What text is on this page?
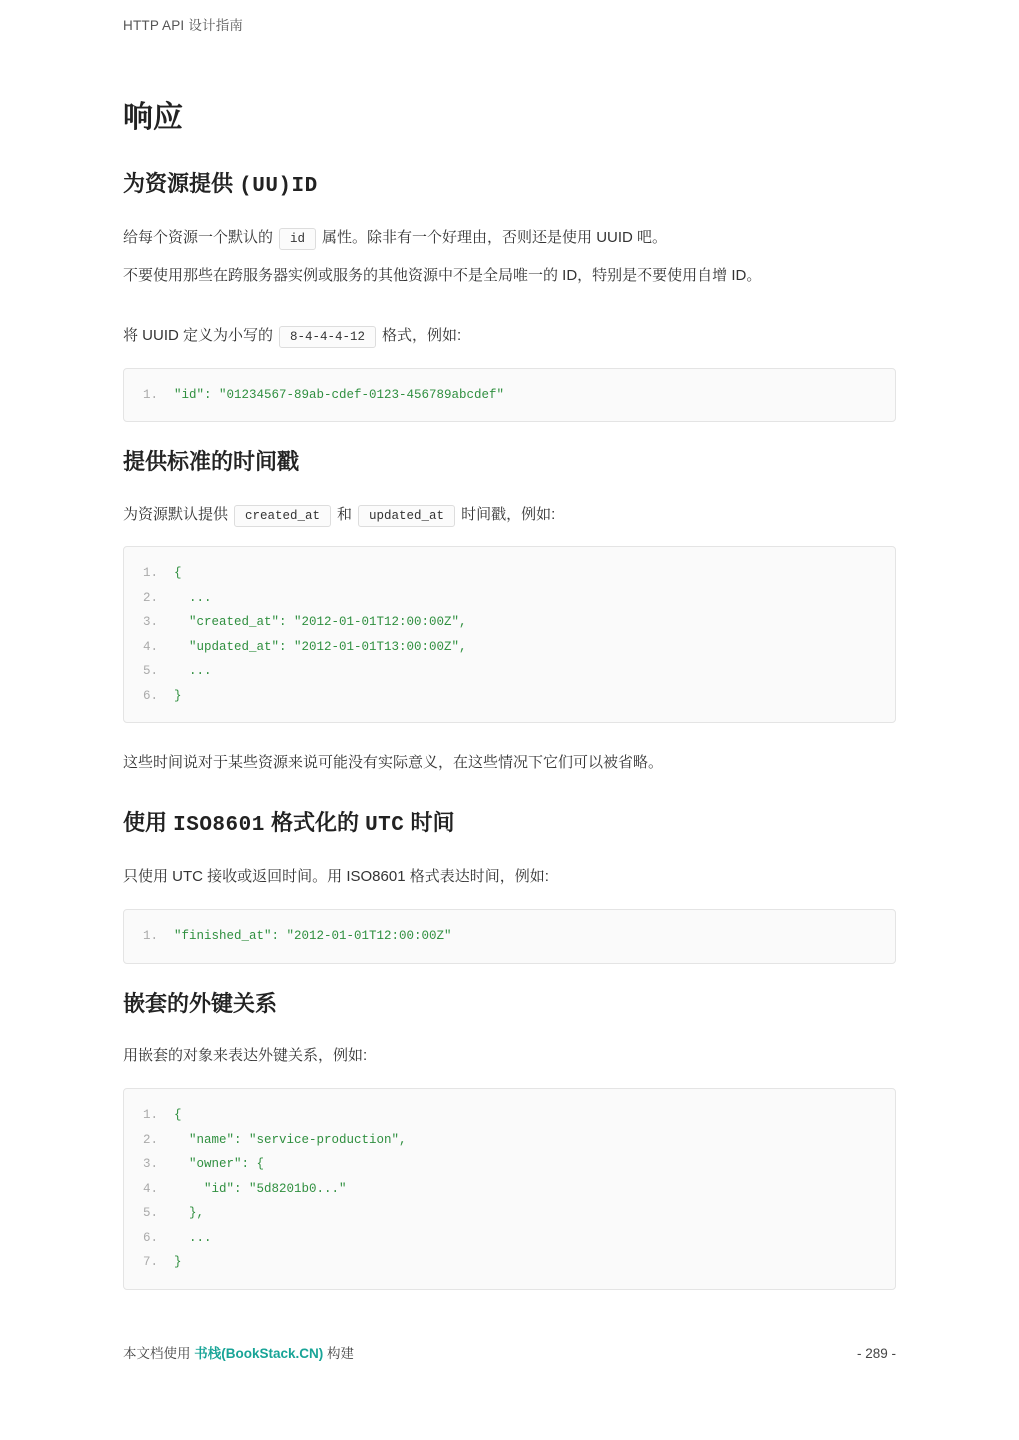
HTTP API 设计指南
响应
为资源提供 (UU)ID

给每个资源一个默认的 id 属性。除非有一个好理由，否则还是使用 UUID 吧。

不要使用那些在跨服务器实例或服务的其他资源中不是全局唯一的 ID，特别是不要使用自增 ID。

将 UUID 定义为小写的 8-4-4-4-12 格式，例如:

1.	"id": "01234567-89ab-cdef-0123-456789abcdef"
提供标准的时间戳

为资源默认提供 created_at 和 updated_at 时间戳，例如:

1.	{
2.	...
3.	"created_at": "2012-01-01T12:00:00Z",
4.	"updated_at": "2012-01-01T13:00:00Z",
5.	...
6.	}

这些时间说对于某些资源来说可能没有实际意义，在这些情况下它们可以被省略。

使用 ISO8601 格式化的 UTC 时间

只使用 UTC 接收或返回时间。用 ISO8601 格式表达时间，例如:

1.	"finished_at": "2012-01-01T12:00:00Z"
嵌套的外键关系

用嵌套的对象来表达外键关系，例如:

1.	{
2.	"name": "service-production",
3.	"owner": {
4.	"id": "5d8201b0..."
5.	},
6.	...
7.	}
本文档使用 书栈(BookStack.CN) 构建	- 289 -
